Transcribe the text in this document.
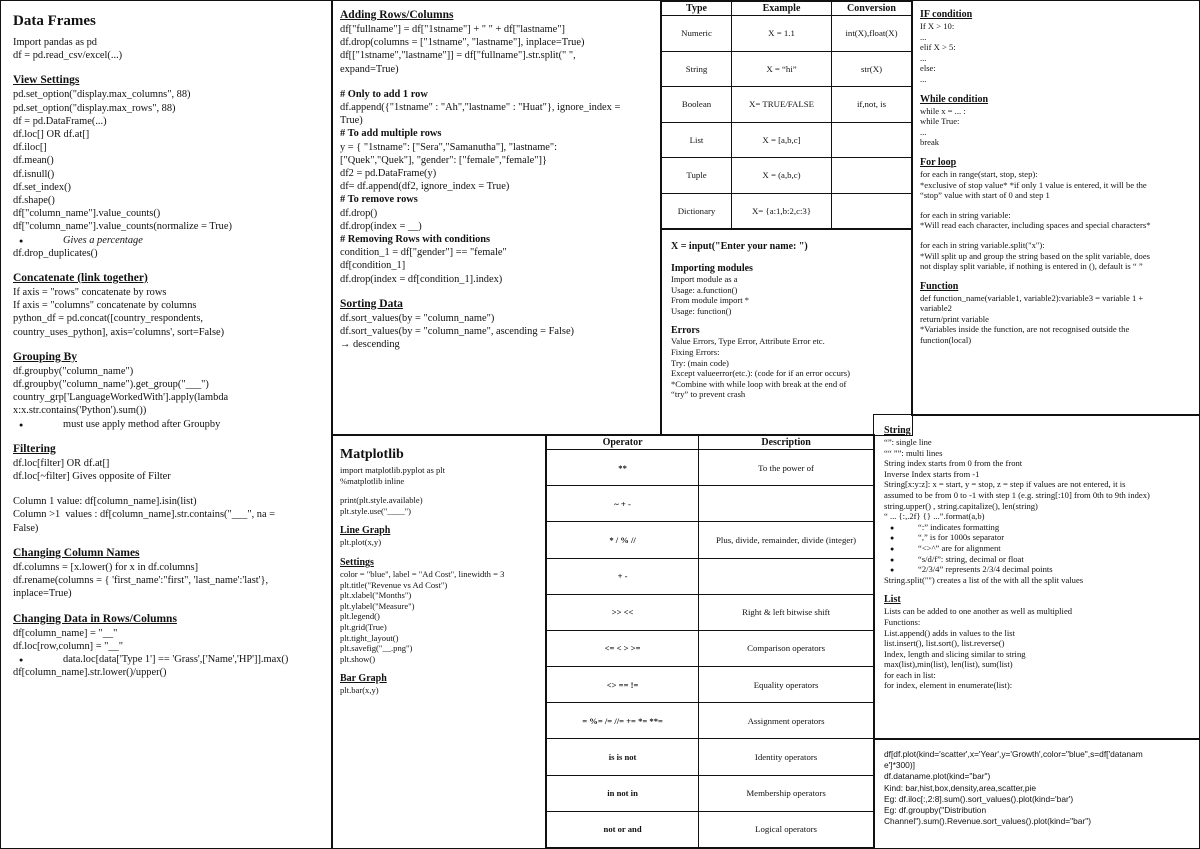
Data Frames
Import pandas as pd
df = pd.read_csv/excel(...)
View Settings
pd.set_option("display.max_columns", 88)
pd.set_option("display.max_rows", 88)
df = pd.DataFrame(...)
df.loc[] OR df.at[]
df.iloc[]
df.mean()
df.isnull()
df.set_index()
df.shape()
df["column_name"].value_counts()
df["column_name"].value_counts(normalize = True)
● Gives a percentage
df.drop_duplicates()
Concatenate (link together)
If axis = "rows" concatenate by rows
If axis = "columns" concatenate by columns
python_df = pd.concat([country_respondents,
country_uses_python], axis='columns', sort=False)
Grouping By
df.groupby("column_name")
df.groupby("column_name").get_group("___")
country_grp['LanguageWorkedWith'].apply(lambda
x:x.str.contains('Python').sum())
● must use apply method after Groupby
Filtering
df.loc[filter] OR df.at[]
df.loc[~filter] Gives opposite of Filter
Column 1 value: df[column_name].isin(list)
Column >1  values : df[column_name].str.contains("___", na =
False)
Changing Column Names
df.columns = [x.lower() for x in df.columns]
df.rename(columns = { 'first_name':"first", 'last_name':'last'},
inplace=True)
Changing Data in Rows/Columns
df[column_name] = "__"
df.loc[row,column] = "__"
● data.loc[data['Type 1'] == 'Grass',['Name','HP']].max()
df[column_name].str.lower()/upper()
Adding Rows/Columns
df["fullname"] = df["1stname"] + " " + df["lastname"]
df.drop(columns = ["1stname", "lastname"], inplace=True)
df[["1stname","lastname"]] = df["fullname"].str.split(" ",
expand=True)
# Only to add 1 row
df.append({"1stname" : "Ah","lastname" : "Huat"}, ignore_index =
True)
# To add multiple rows
y = { "1stname": ["Sera","Samanutha"], "lastname":
["Quek","Quek"], "gender": ["female","female"]}
df2 = pd.DataFrame(y)
df= df.append(df2, ignore_index = True)
# To remove rows
df.drop()
df.drop(index = __)
# Removing Rows with conditions
condition_1 = df["gender"] == "female"
df[condition_1]
df.drop(index = df[condition_1].index)
Sorting Data
df.sort_values(by = "column_name")
df.sort_values(by = "column_name", ascending = False)
→ descending
Type	Example	Conversion
Numeric	X = 1.1	int(X),float(X)
String	X = “hi”	str(X)
Boolean	X= TRUE/FALSE	if,not, is
List	X = [a,b,c]	
Tuple	X = (a,b,c)	
Dictionary	X= {a:1,b:2,c:3}	
X = input("Enter your name: ")
Importing modules
Import module as a
Usage: a.function()
From module import *
Usage: function()
Errors
Value Errors, Type Error, Attribute Error etc.
Fixing Errors:
Try: (main code)
Except valueerror(etc.): (code for if an error occurs)
*Combine with while loop with break at the end of
“try” to prevent crash
IF condition
If X > 10:
...
elif X > 5:
...
else:
...
While condition
while x = ... :
while True:
...
break
For loop
for each in range(start, stop, step):
*exclusive of stop value* *if only 1 value is entered, it will be the
“stop” value with start of 0 and step 1
for each in string variable:
*Will read each character, including spaces and special characters*
for each in string variable.split("x"):
*Will split up and group the string based on the split variable, does
not display split variable, if nothing is entered in (), default is “ ”
Function
def function_name(variable1, variable2):variable3 = variable 1 +
variable2
return/print variable
*Variables inside the function, are not recognised outside the
function(local)
Matplotlib
import matplotlib.pyplot as plt
%matplotlib inline
print(plt.style.available)
plt.style.use("____")
Line Graph
plt.plot(x,y)
Settings
color = "blue", label = "Ad Cost", linewidth = 3
plt.title("Revenue vs Ad Cost")
plt.xlabel("Months")
plt.ylabel("Measure")
plt.legend()
plt.grid(True)
plt.tight_layout()
plt.savefig("__.png")
plt.show()
Bar Graph
plt.bar(x,y)
Operator	Description
**	To the power of
~ + -	
* / % //	Plus, divide, remainder, divide (integer)
+ -	
>> <<	Right & left bitwise shift
<= < > >=	Comparison operators
<> == !=	Equality operators
= %= /= //= += *= **=	Assignment operators
is is not	Identity operators
in not in	Membership operators
not or and	Logical operators
String
“”: single line
““ ””: multi lines
String index starts from 0 from the front
Inverse Index starts from -1
String[x:y:z]: x = start, y = stop, z = step if values are not entered, it is
assumed to be from 0 to -1 with step 1 (e.g. string[:10] from 0th to 9th index)
string.upper() , string.capitalize(), len(string)
“ ... {:,.2f} {} ...”.format(a,b)
● “:” indicates formatting
● “,” is for 1000s separator
● “<>^” are for alignment
● “s/d/f”: string, decimal or float
● “2/3/4” represents 2/3/4 decimal points
String.split("") creates a list of the with all the split values
List
Lists can be added to one another as well as multiplied
Functions:
List.append() adds in values to the list
list.insert(), list.sort(), list.reverse()
Index, length and slicing similar to string
max(list),min(list), len(list), sum(list)
for each in list:
for index, element in enumerate(list):
df[df.plot(kind='scatter',x='Year',y='Growth',color="blue",s=df['datanam
e']*300)]
df.dataname.plot(kind="bar")
Kind: bar,hist,box,density,area,scatter,pie
Eg: df.iloc[:,2:8].sum().sort_values().plot(kind='bar')
Eg: df.groupby("Distribution
Channel").sum().Revenue.sort_values().plot(kind="bar")
